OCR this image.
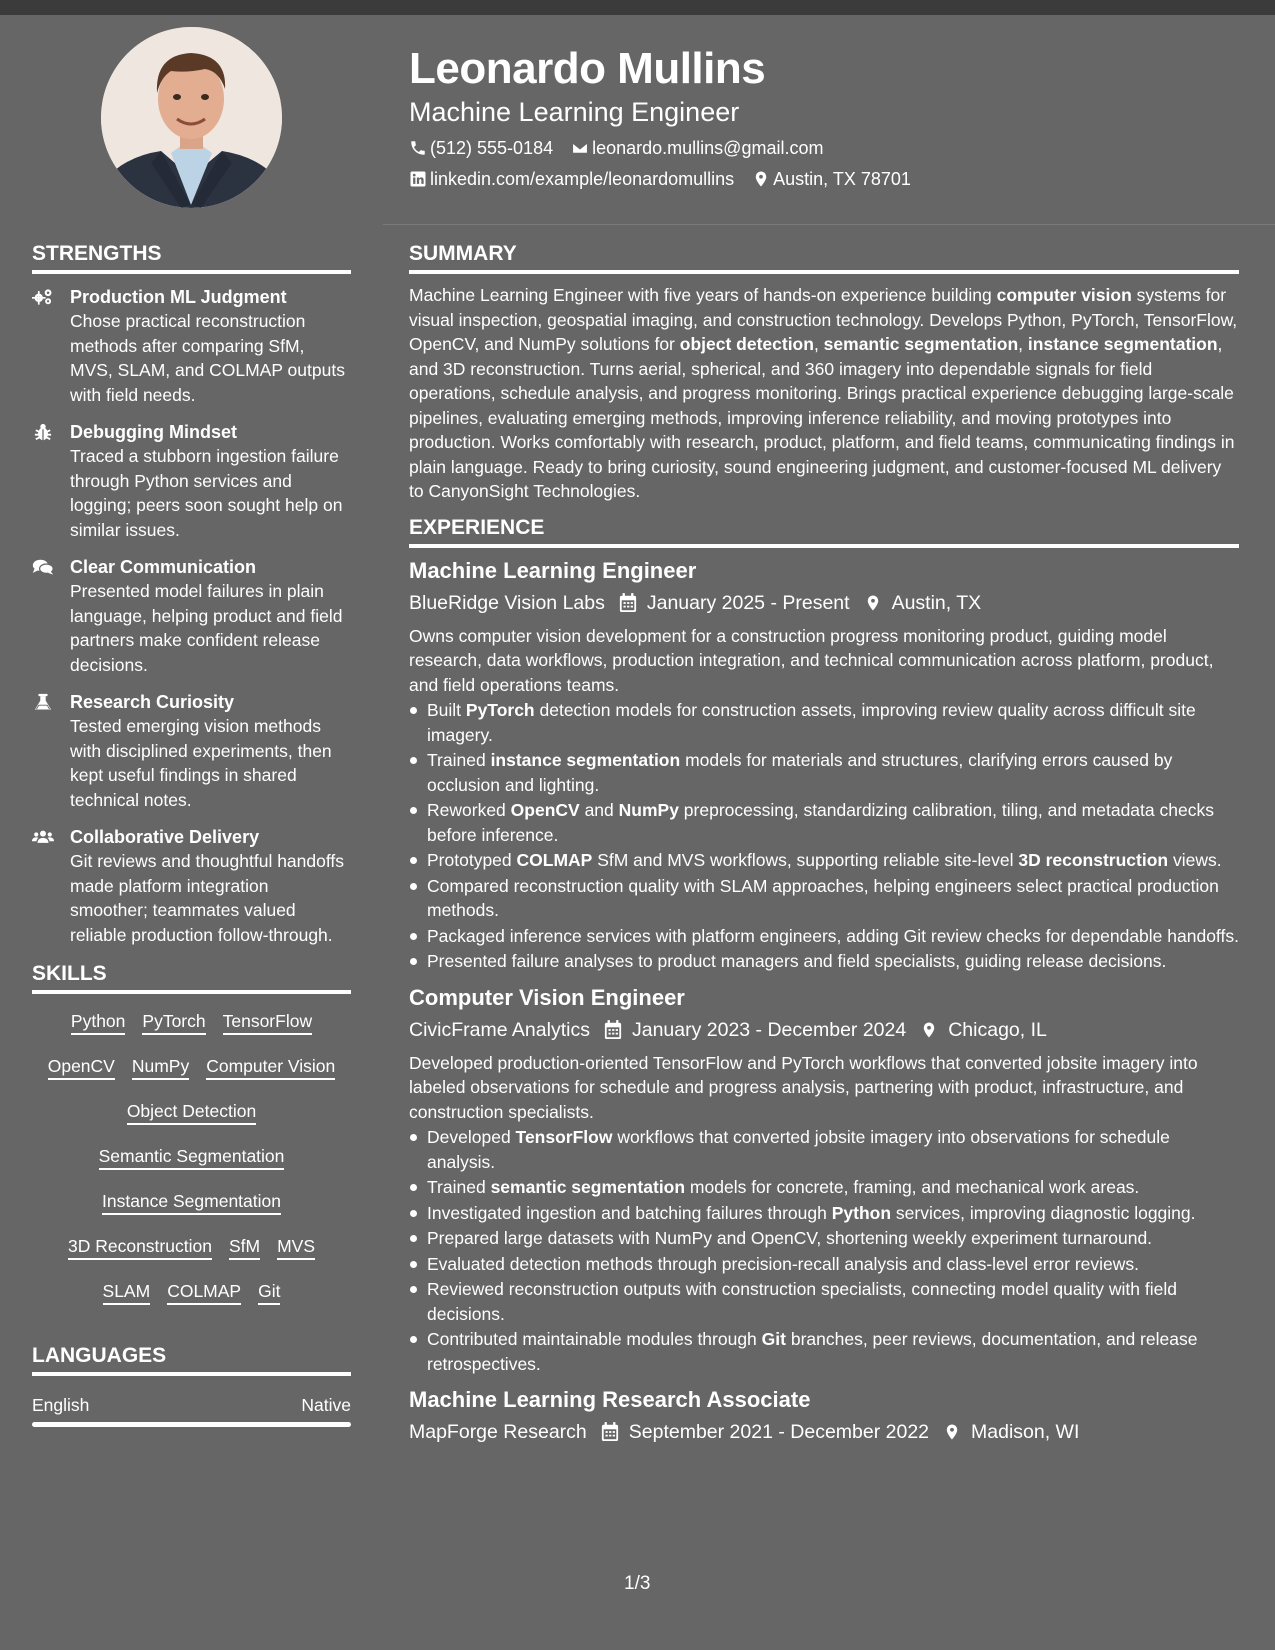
Leonardo Mullins
Machine Learning Engineer
(512) 555-0184 leonardo.mullins@gmail.com
linkedin.com/example/leonardomullins Austin, TX 78701
STRENGTHS
Production ML Judgment
Chose practical reconstruction methods after comparing SfM, MVS, SLAM, and COLMAP outputs with field needs.
Debugging Mindset
Traced a stubborn ingestion failure through Python services and logging; peers soon sought help on similar issues.
Clear Communication
Presented model failures in plain language, helping product and field partners make confident release decisions.
Research Curiosity
Tested emerging vision methods with disciplined experiments, then kept useful findings in shared technical notes.
Collaborative Delivery
Git reviews and thoughtful handoffs made platform integration smoother; teammates valued reliable production follow-through.
SKILLS
Python PyTorch TensorFlow
OpenCV NumPy Computer Vision
Object Detection
Semantic Segmentation
Instance Segmentation
3D Reconstruction SfM MVS
SLAM COLMAP Git
LANGUAGES
English	Native
SUMMARY
Machine Learning Engineer with five years of hands-on experience building computer vision systems for visual inspection, geospatial imaging, and construction technology. Develops Python, PyTorch, TensorFlow, OpenCV, and NumPy solutions for object detection, semantic segmentation, instance segmentation, and 3D reconstruction. Turns aerial, spherical, and 360 imagery into dependable signals for field operations, schedule analysis, and progress monitoring. Brings practical experience debugging large-scale pipelines, evaluating emerging methods, improving inference reliability, and moving prototypes into production. Works comfortably with research, product, platform, and field teams, communicating findings in plain language. Ready to bring curiosity, sound engineering judgment, and customer-focused ML delivery to CanyonSight Technologies.
EXPERIENCE
Machine Learning Engineer
BlueRidge Vision Labs January 2025 - Present Austin, TX
Owns computer vision development for a construction progress monitoring product, guiding model research, data workflows, production integration, and technical communication across platform, product, and field operations teams.
Built PyTorch detection models for construction assets, improving review quality across difficult site imagery.
Trained instance segmentation models for materials and structures, clarifying errors caused by occlusion and lighting.
Reworked OpenCV and NumPy preprocessing, standardizing calibration, tiling, and metadata checks before inference.
Prototyped COLMAP SfM and MVS workflows, supporting reliable site-level 3D reconstruction views.
Compared reconstruction quality with SLAM approaches, helping engineers select practical production methods.
Packaged inference services with platform engineers, adding Git review checks for dependable handoffs.
Presented failure analyses to product managers and field specialists, guiding release decisions.
Computer Vision Engineer
CivicFrame Analytics January 2023 - December 2024 Chicago, IL
Developed production-oriented TensorFlow and PyTorch workflows that converted jobsite imagery into labeled observations for schedule and progress analysis, partnering with product, infrastructure, and construction specialists.
Developed TensorFlow workflows that converted jobsite imagery into observations for schedule analysis.
Trained semantic segmentation models for concrete, framing, and mechanical work areas.
Investigated ingestion and batching failures through Python services, improving diagnostic logging.
Prepared large datasets with NumPy and OpenCV, shortening weekly experiment turnaround.
Evaluated detection methods through precision-recall analysis and class-level error reviews.
Reviewed reconstruction outputs with construction specialists, connecting model quality with field decisions.
Contributed maintainable modules through Git branches, peer reviews, documentation, and release retrospectives.
Machine Learning Research Associate
MapForge Research September 2021 - December 2022 Madison, WI
1/3
